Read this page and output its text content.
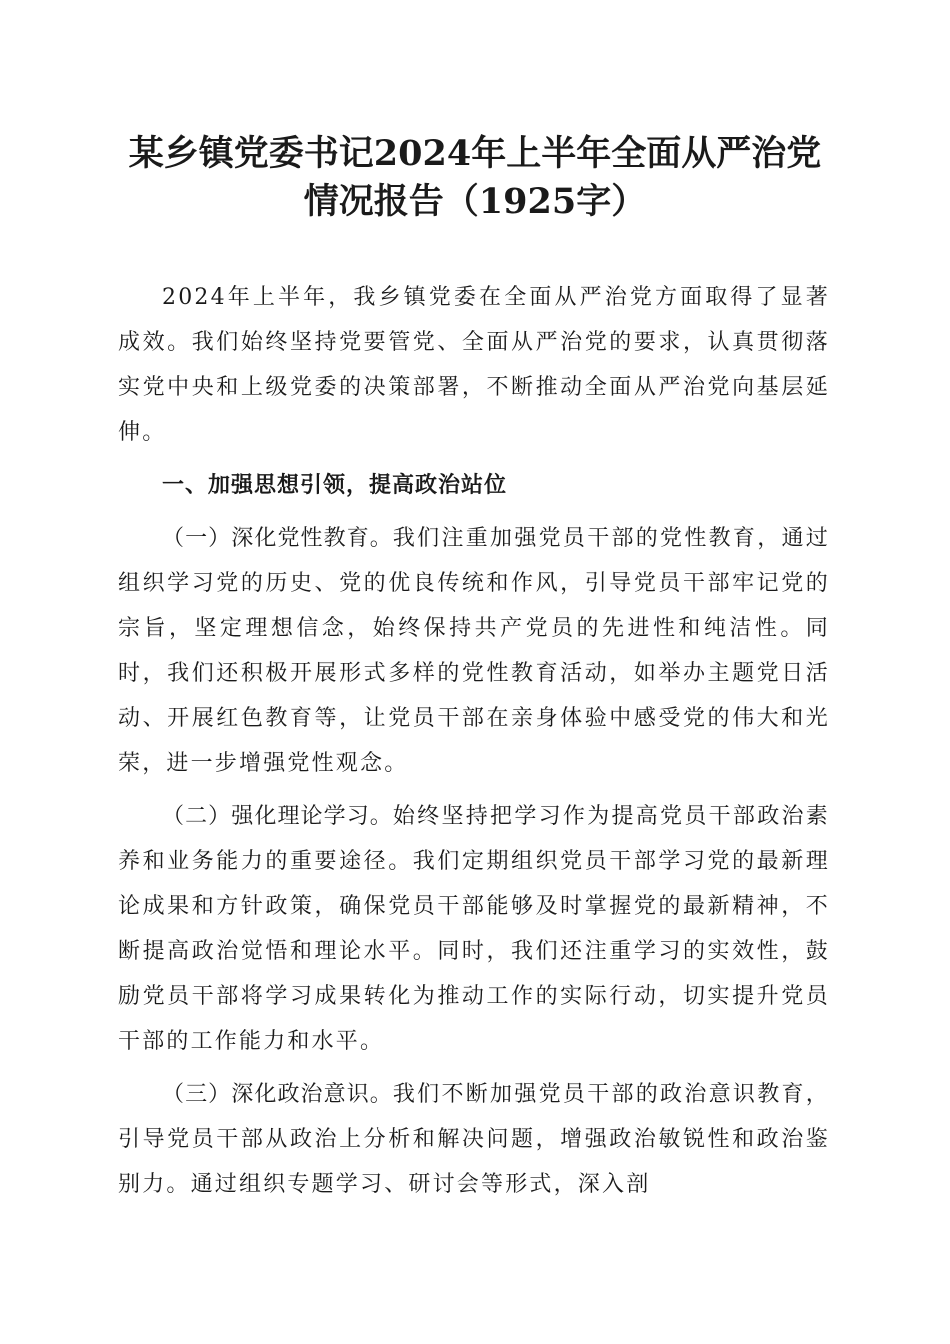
某乡镇党委书记2024年上半年全面从严治党
情况报告（1925字）

2024年上半年，我乡镇党委在全面从严治党方面取得了显著成效。我们始终坚持党要管党、全面从严治党的要求，认真贯彻落实党中央和上级党委的决策部署，不断推动全面从严治党向基层延伸。

一、加强思想引领，提高政治站位

（一）深化党性教育。我们注重加强党员干部的党性教育，通过组织学习党的历史、党的优良传统和作风，引导党员干部牢记党的宗旨，坚定理想信念，始终保持共产党员的先进性和纯洁性。同时，我们还积极开展形式多样的党性教育活动，如举办主题党日活动、开展红色教育等，让党员干部在亲身体验中感受党的伟大和光荣，进一步增强党性观念。

（二）强化理论学习。始终坚持把学习作为提高党员干部政治素养和业务能力的重要途径。我们定期组织党员干部学习党的最新理论成果和方针政策，确保党员干部能够及时掌握党的最新精神，不断提高政治觉悟和理论水平。同时，我们还注重学习的实效性，鼓励党员干部将学习成果转化为推动工作的实际行动，切实提升党员干部的工作能力和水平。

（三）深化政治意识。我们不断加强党员干部的政治意识教育，引导党员干部从政治上分析和解决问题，增强政治敏锐性和政治鉴别力。通过组织专题学习、研讨会等形式，深入剖
